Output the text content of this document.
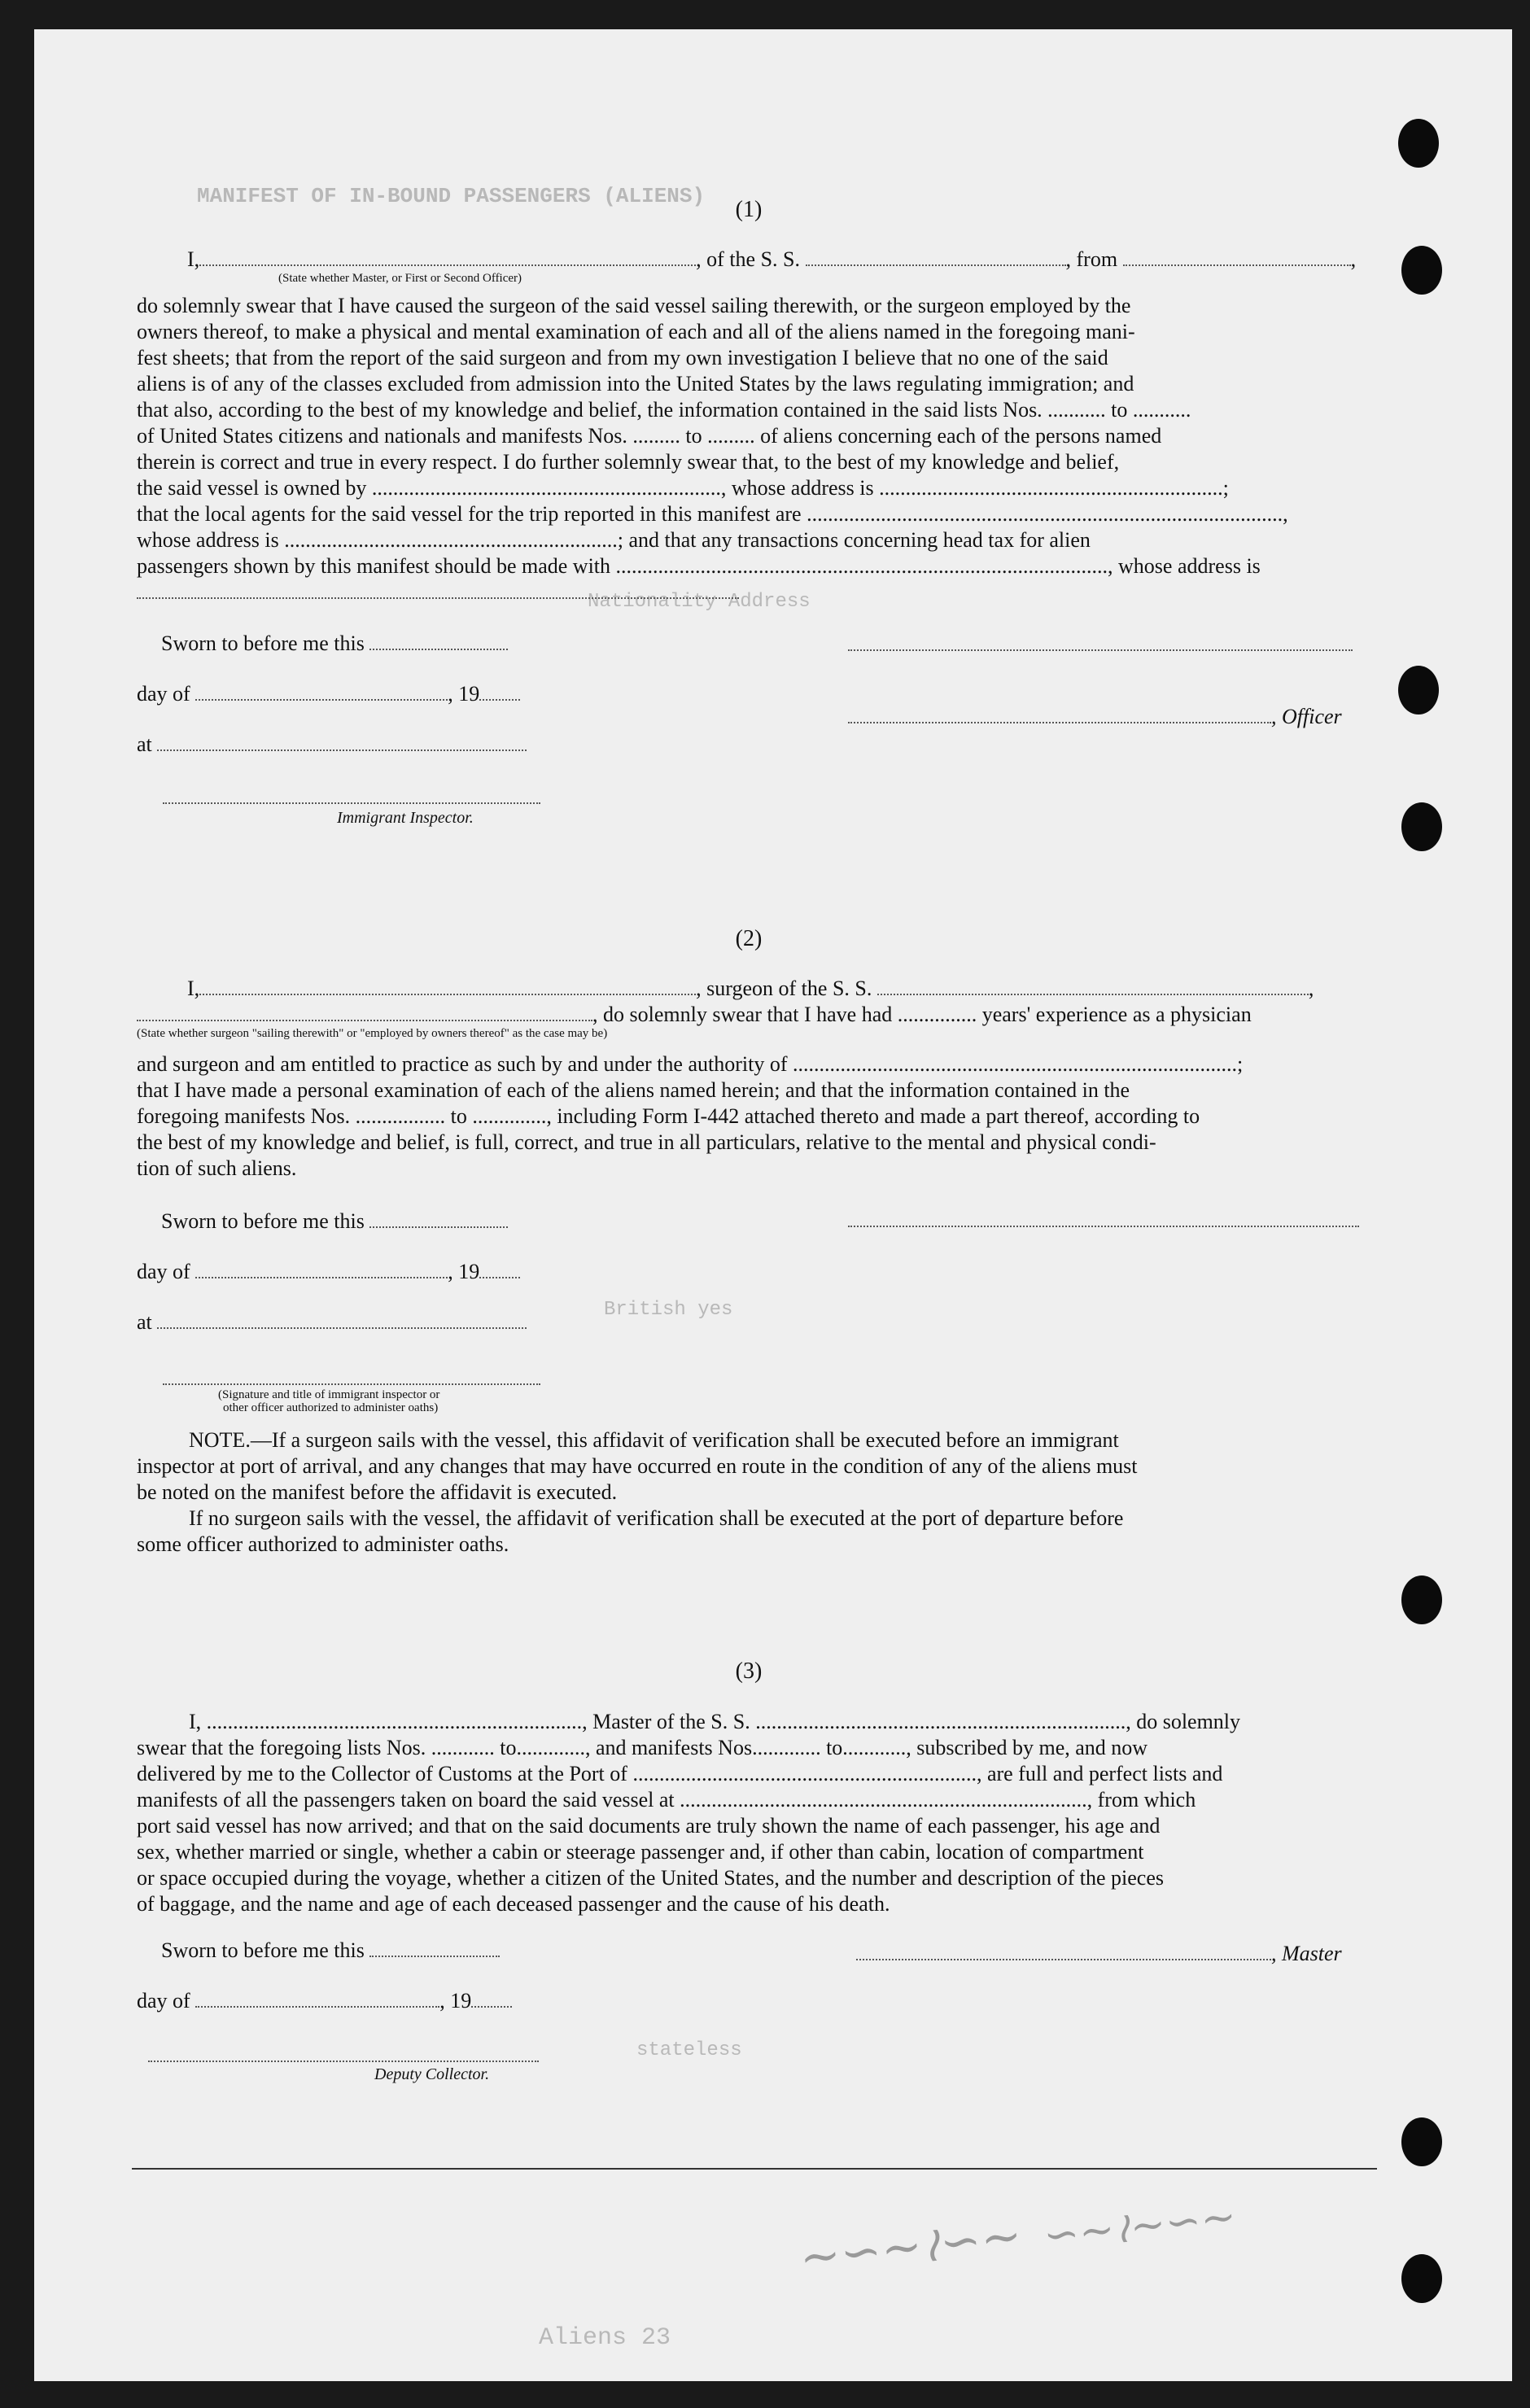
MANIFEST OF IN-BOUND PASSENGERS (ALIENS)
Nationality Address
British yes
stateless
Aliens 23
(1)
I,	, of the S. S.	, from	,
(State whether Master, or First or Second Officer)

do solemnly swear that I have caused the surgeon of the said vessel sailing therewith, or the surgeon employed by the

owners thereof, to make a physical and mental examination of each and all of the aliens named in the foregoing mani-

fest sheets; that from the report of the said surgeon and from my own investigation I believe that no one of the said

aliens is of any of the classes excluded from admission into the United States by the laws regulating immigration; and

that also, according to the best of my knowledge and belief, the information contained in the said lists Nos. ........... to ...........

of United States citizens and nationals and manifests Nos. ......... to ......... of aliens concerning each of the persons named

therein is correct and true in every respect. I do further solemnly swear that, to the best of my knowledge and belief,

the said vessel is owned by .................................................................., whose address is .................................................................;

that the local agents for the said vessel for the trip reported in this manifest are ..........................................................................................,

whose address is ...............................................................; and that any transactions concerning head tax for alien

passengers shown by this manifest should be made with ............................................................................................., whose address is

Sworn to before me this
day of	, 19
, Officer
at
Immigrant Inspector.
(2)
I,	, surgeon of the S. S.	,
, do solemnly swear that I have had ............... years' experience as a physician
(State whether surgeon "sailing therewith" or "employed by owners thereof" as the case may be)

and surgeon and am entitled to practice as such by and under the authority of ....................................................................................;

that I have made a personal examination of each of the aliens named herein; and that the information contained in the

foregoing manifests Nos. ................. to .............., including Form I-442 attached thereto and made a part thereof, according to

the best of my knowledge and belief, is full, correct, and true in all particulars, relative to the mental and physical condi-

tion of such aliens.

Sworn to before me this
day of	, 19
at
(Signature and title of immigrant inspector or
other officer authorized to administer oaths)

NOTE.—If a surgeon sails with the vessel, this affidavit of verification shall be executed before an immigrant

inspector at port of arrival, and any changes that may have occurred en route in the condition of any of the aliens must

be noted on the manifest before the affidavit is executed.

If no surgeon sails with the vessel, the affidavit of verification shall be executed at the port of departure before

some officer authorized to administer oaths.

(3)

I, ......................................................................., Master of the S. S. ......................................................................, do solemnly

swear that the foregoing lists Nos. ............ to............., and manifests Nos............. to............, subscribed by me, and now

delivered by me to the Collector of Customs at the Port of ................................................................., are full and perfect lists and

manifests of all the passengers taken on board the said vessel at ............................................................................., from which

port said vessel has now arrived; and that on the said documents are truly shown the name of each passenger, his age and

sex, whether married or single, whether a cabin or steerage passenger and, if other than cabin, location of compartment

or space occupied during the voyage, whether a citizen of the United States, and the number and description of the pieces

of baggage, and the name and age of each deceased passenger and the cause of his death.

Sworn to before me this	, Master
day of	, 19
Deputy Collector.
∼∽∼≀∽∼ ∽∼≀∼∽∼
